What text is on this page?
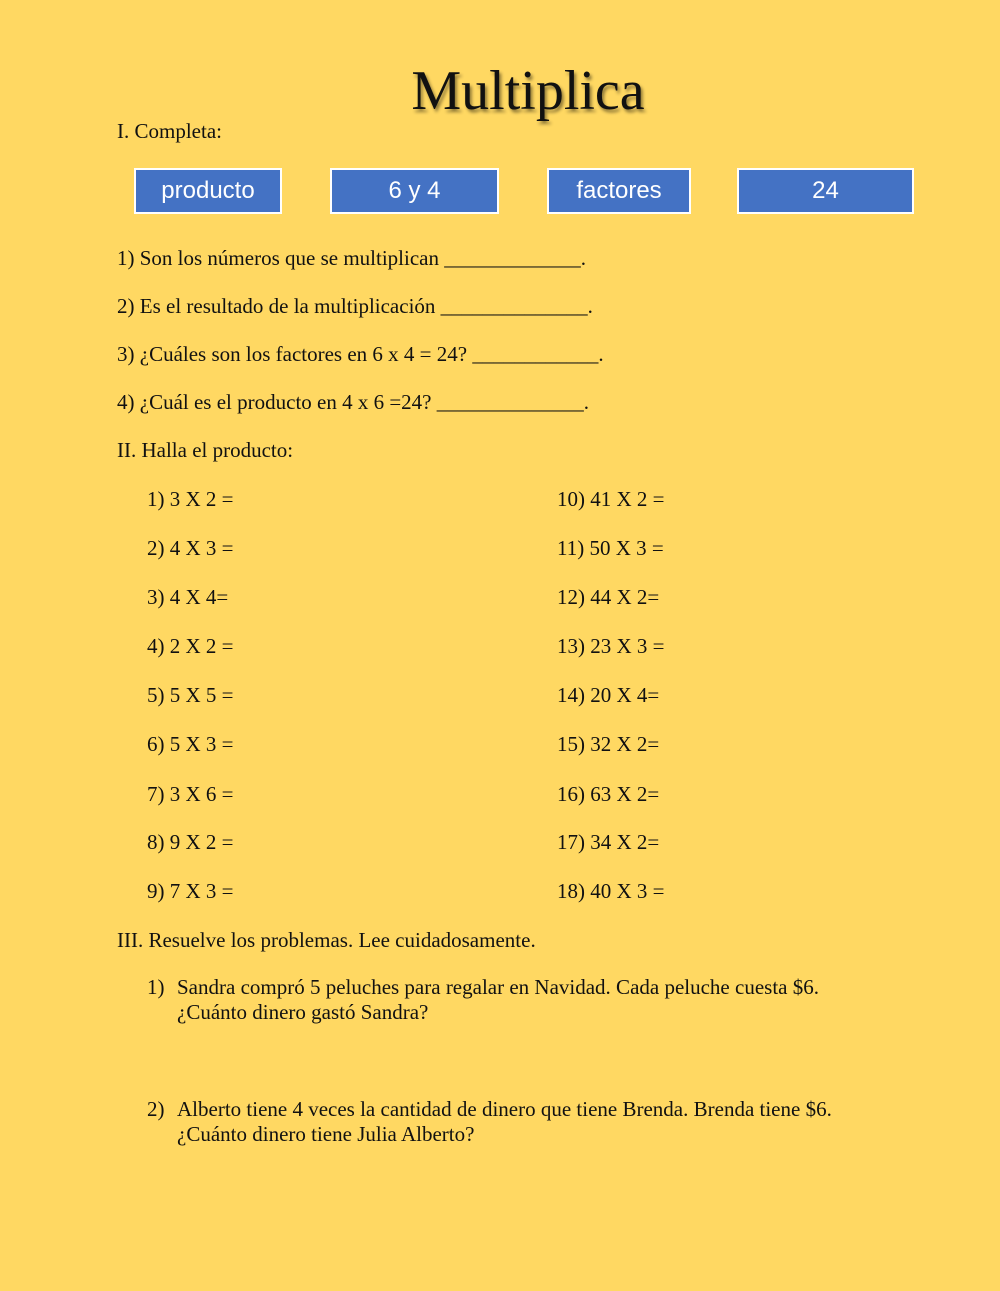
Multiplica
I. Completa:
producto	6 y 4	factores	24
1) Son los números que se multiplican _____________.
2) Es el resultado de la multiplicación ______________.
3) ¿Cuáles son los factores en 6 x 4 = 24? ____________.
4) ¿Cuál es el producto en 4 x 6 =24? ______________.
II. Halla el producto:
1) 3 X 2 =
2) 4 X 3 =
3) 4 X 4=
4) 2 X 2 =
5) 5 X 5 =
6) 5 X 3 =
7) 3 X 6 =
8) 9 X 2 =
9) 7 X 3 =
10) 41 X 2 =
11) 50 X 3 =
12) 44 X 2=
13) 23 X 3 =
14) 20 X 4=
15) 32 X 2=
16) 63 X 2=
17) 34 X 2=
18) 40 X 3 =
III. Resuelve los problemas. Lee cuidadosamente.
1) Sandra compró 5 peluches para regalar en Navidad. Cada peluche cuesta $6.
¿Cuánto dinero gastó Sandra?
2) Alberto tiene 4 veces la cantidad de dinero que tiene Brenda. Brenda tiene $6.
¿Cuánto dinero tiene Julia Alberto?
